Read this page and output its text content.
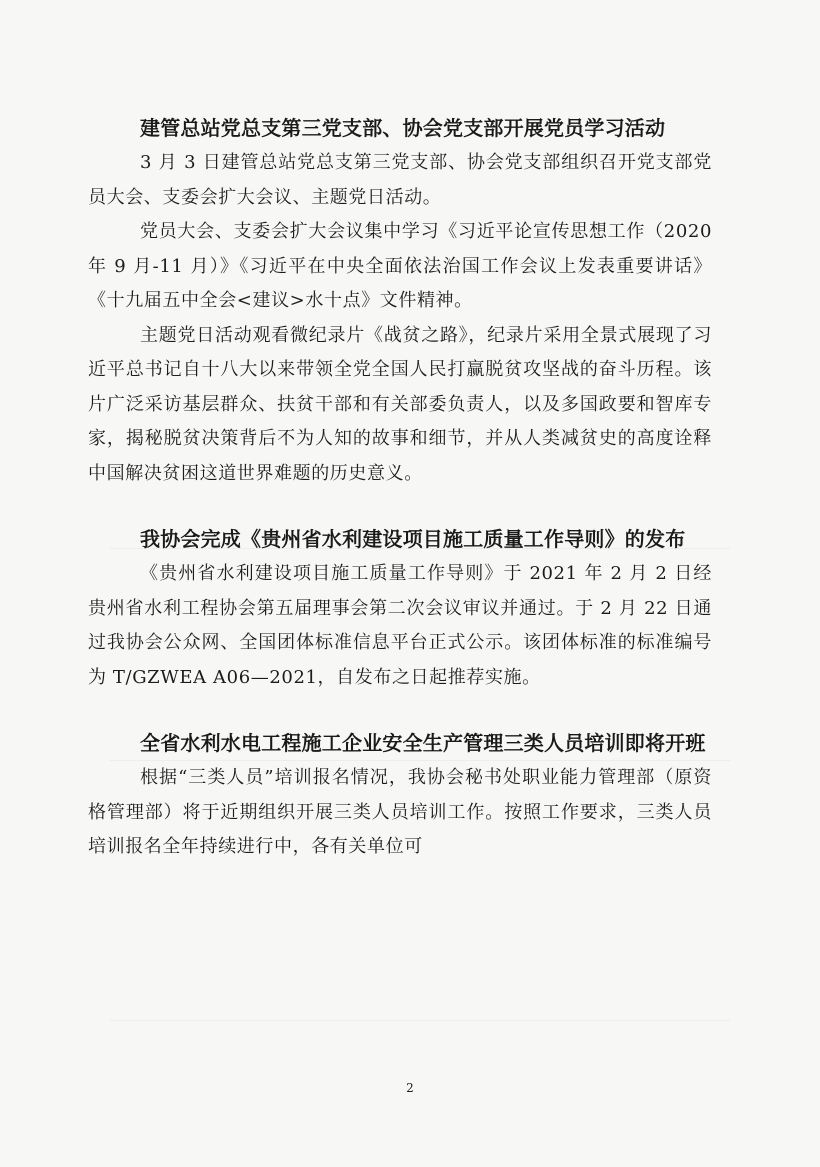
建管总站党总支第三党支部、协会党支部开展党员学习活动

3 月 3 日建管总站党总支第三党支部、协会党支部组织召开党支部党员大会、支委会扩大会议、主题党日活动。

党员大会、支委会扩大会议集中学习《习近平论宣传思想工作（2020 年 9 月-11 月）》《习近平在中央全面依法治国工作会议上发表重要讲话》《十九届五中全会<建议>水十点》文件精神。

主题党日活动观看微纪录片《战贫之路》，纪录片采用全景式展现了习近平总书记自十八大以来带领全党全国人民打赢脱贫攻坚战的奋斗历程。该片广泛采访基层群众、扶贫干部和有关部委负责人，以及多国政要和智库专家，揭秘脱贫决策背后不为人知的故事和细节，并从人类减贫史的高度诠释中国解决贫困这道世界难题的历史意义。

我协会完成《贵州省水利建设项目施工质量工作导则》的发布

《贵州省水利建设项目施工质量工作导则》于 2021 年 2 月 2 日经贵州省水利工程协会第五届理事会第二次会议审议并通过。于 2 月 22 日通过我协会公众网、全国团体标准信息平台正式公示。该团体标准的标准编号为 T/GZWEA A06—2021，自发布之日起推荐实施。

全省水利水电工程施工企业安全生产管理三类人员培训即将开班

根据“三类人员”培训报名情况，我协会秘书处职业能力管理部（原资格管理部）将于近期组织开展三类人员培训工作。按照工作要求，三类人员培训报名全年持续进行中，各有关单位可

2
